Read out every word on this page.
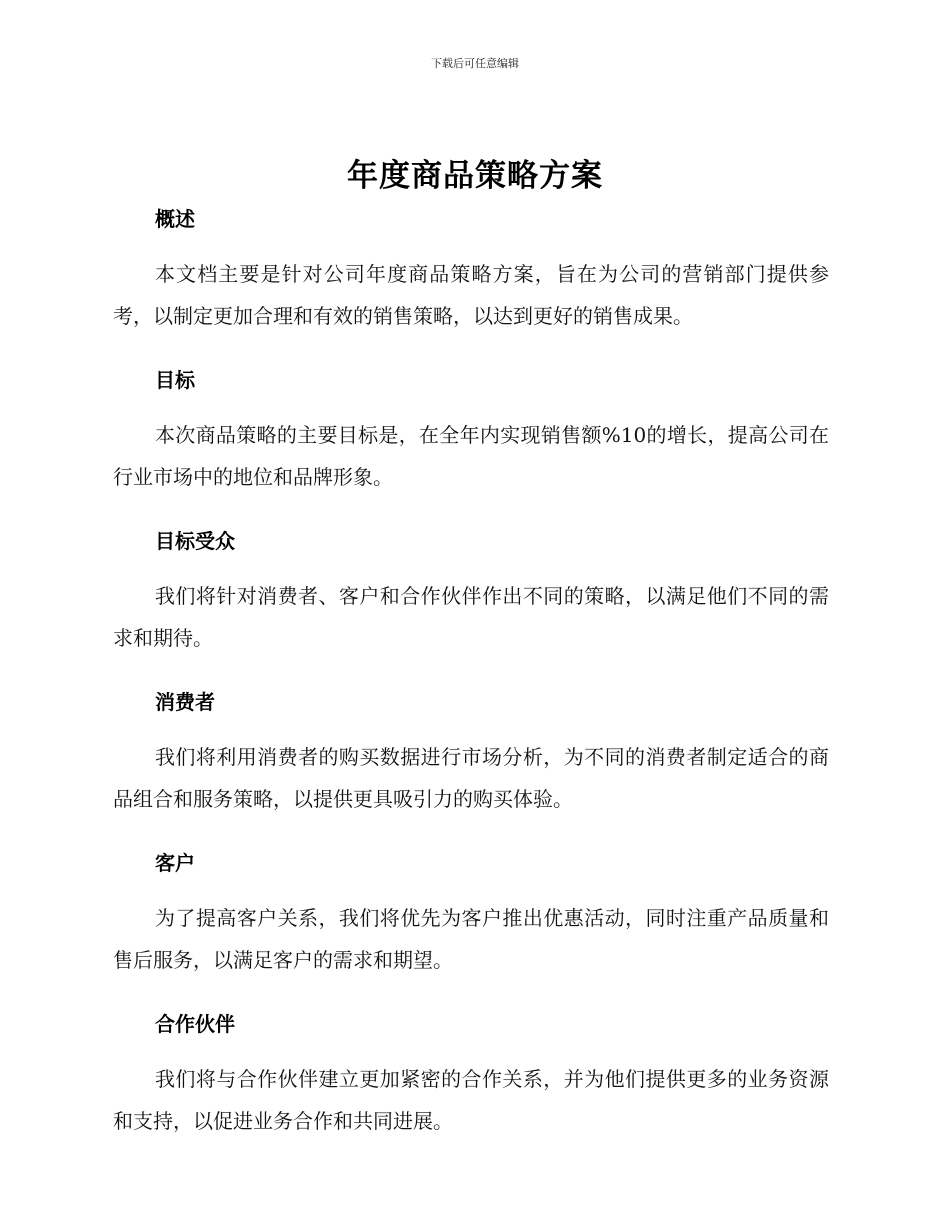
下载后可任意编辑
年度商品策略方案
概述

本文档主要是针对公司年度商品策略方案，旨在为公司的营销部门提供参考，以制定更加合理和有效的销售策略，以达到更好的销售成果。

目标

本次商品策略的主要目标是，在全年内实现销售额%10的增长，提高公司在行业市场中的地位和品牌形象。

目标受众

我们将针对消费者、客户和合作伙伴作出不同的策略，以满足他们不同的需求和期待。

消费者

我们将利用消费者的购买数据进行市场分析，为不同的消费者制定适合的商品组合和服务策略，以提供更具吸引力的购买体验。

客户

为了提高客户关系，我们将优先为客户推出优惠活动，同时注重产品质量和售后服务，以满足客户的需求和期望。

合作伙伴

我们将与合作伙伴建立更加紧密的合作关系，并为他们提供更多的业务资源和支持，以促进业务合作和共同进展。
